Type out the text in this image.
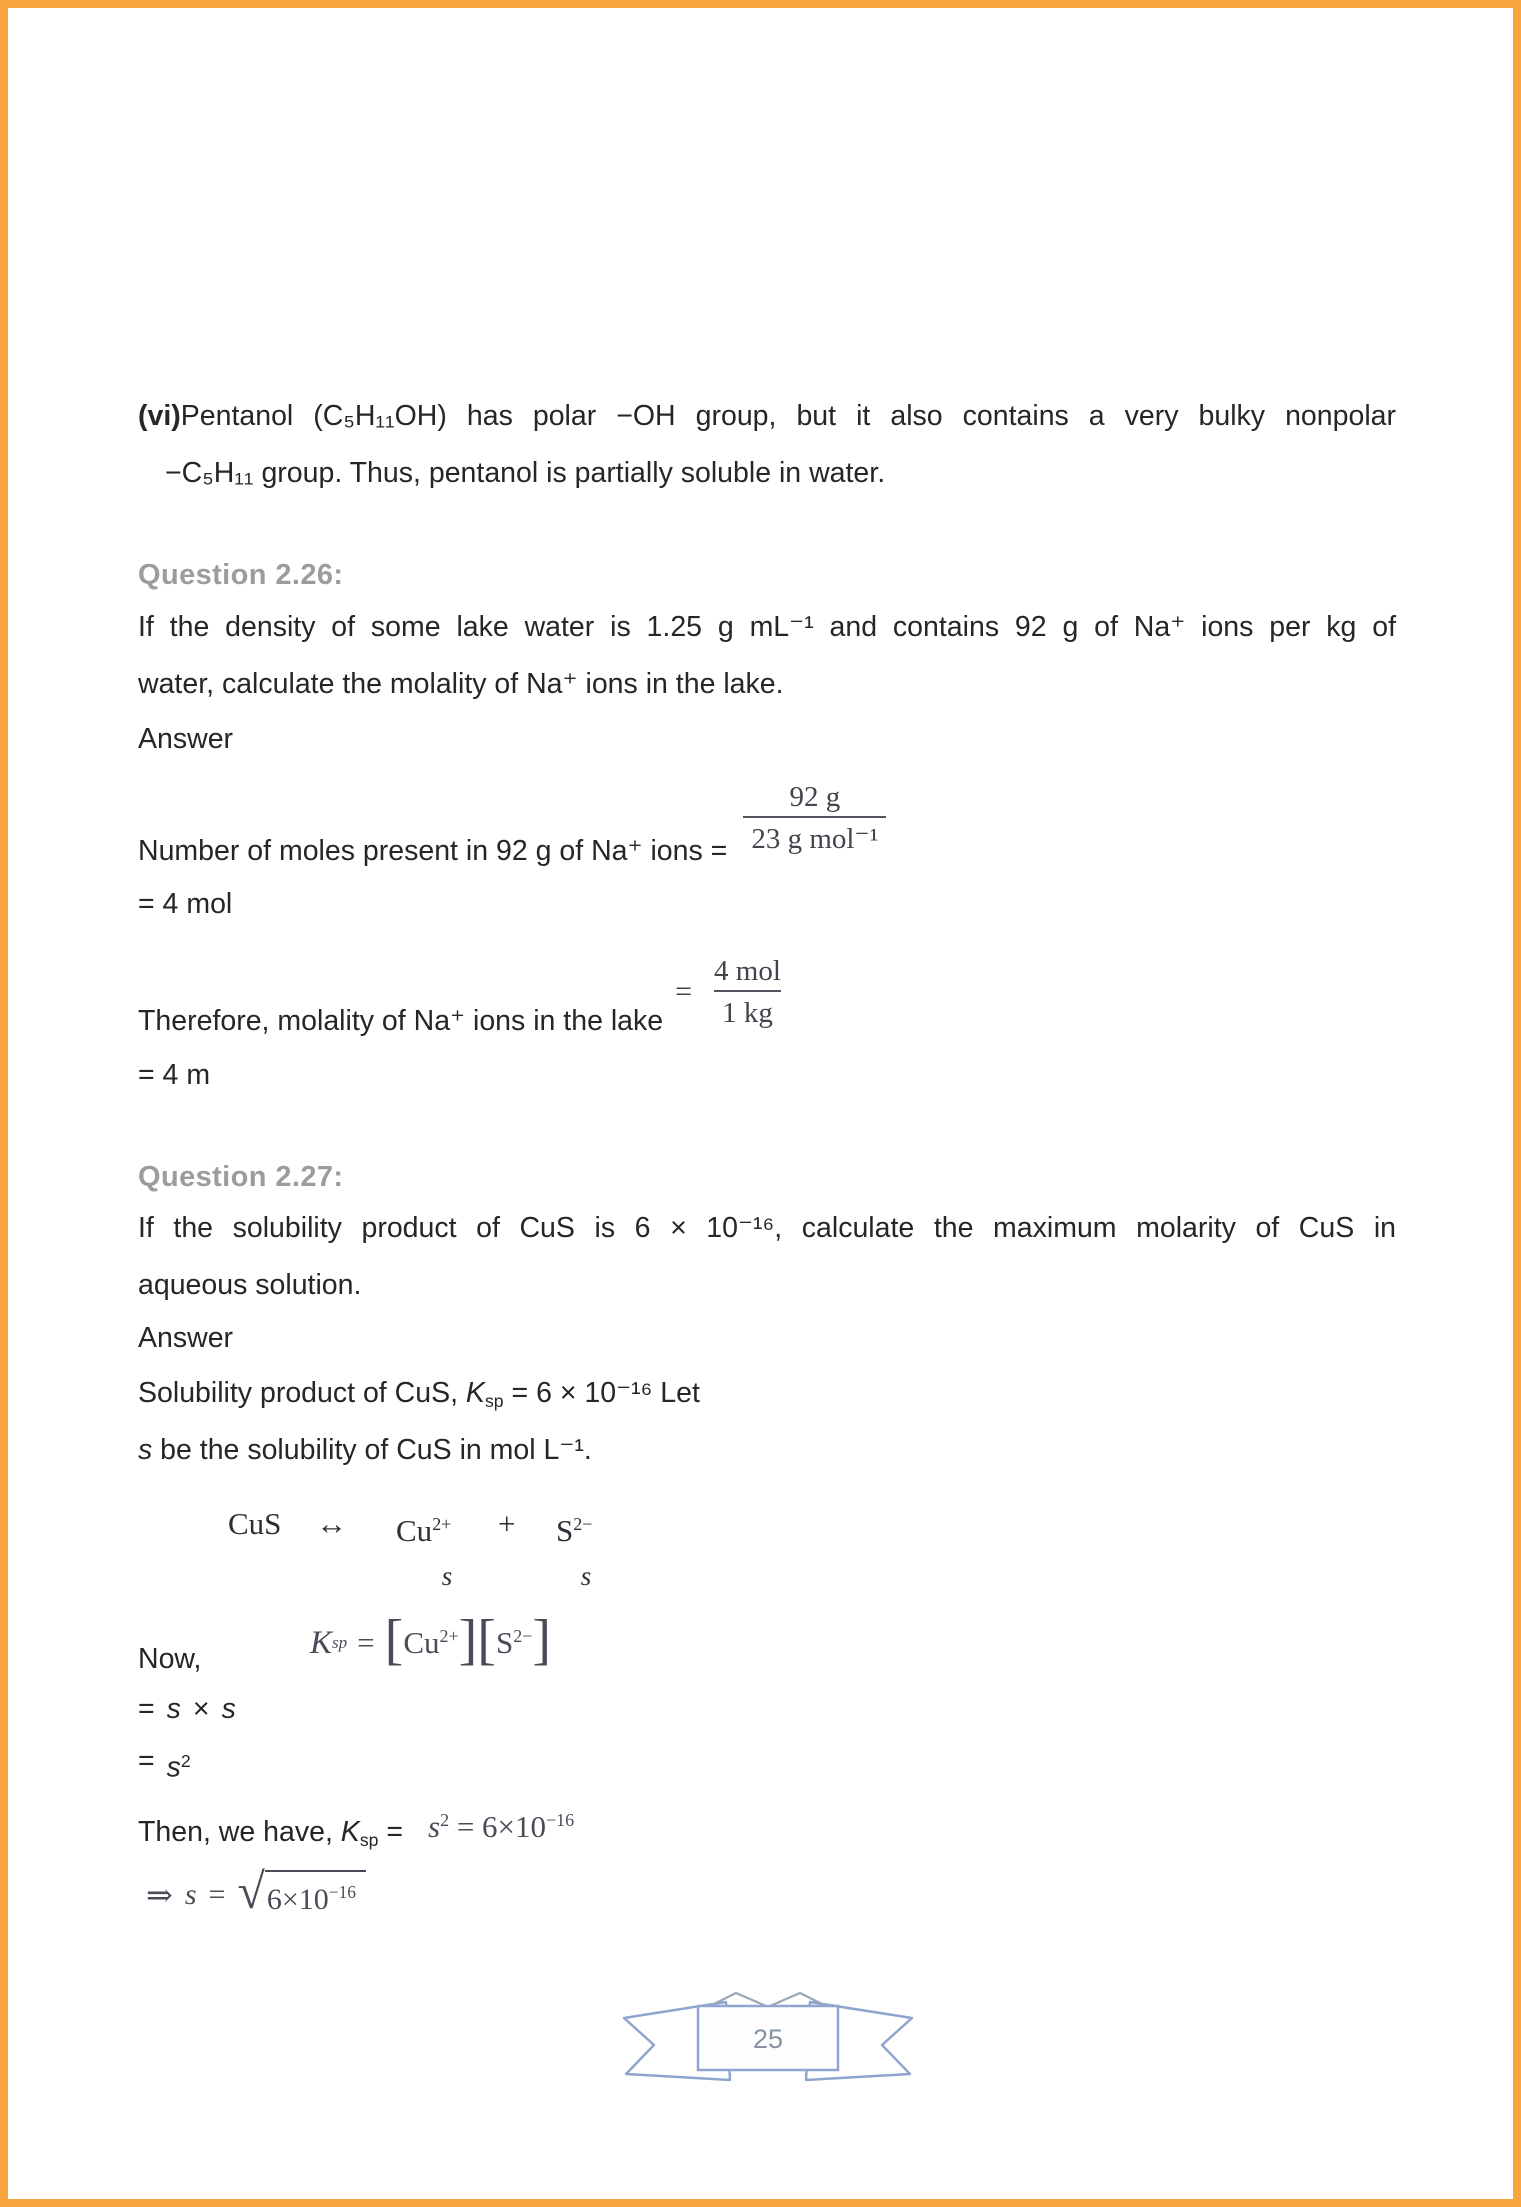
(vi)Pentanol (C₅H₁₁OH) has polar −OH group, but it also contains a very bulky nonpolar
−C₅H₁₁ group. Thus, pentanol is partially soluble in water.
Question 2.26:
If the density of some lake water is 1.25 g mL⁻¹ and contains 92 g of Na⁺ ions per kg of
water, calculate the molality of Na⁺ ions in the lake.
Answer
Number of moles present in 92 g of Na⁺ ions = $\frac{92 g}{\text{23 g mol⁻¹}}$
= 4 mol
Therefore, molality of Na⁺ ions in the lake
= $\frac{\text{4 mol}}{1 kg}$
= 4 m
Question 2.27:
If the solubility product of CuS is 6 × 10⁻¹⁶, calculate the maximum molarity of CuS in
aqueous solution.
Answer
Solubility product of CuS, Ksp = 6 × 10⁻¹⁶ Let
s be the solubility of CuS in mol L⁻¹.
CuS	↔	Cu2+	+	S2−
s	s
Now,	K sp = [ $Cu^{2+}$ ] [ $S^{2-}$ ]
= s × s
= $s^2$
Then, we have, Ksp = $s^2 = 6\times 10^{-16}$
⇒ s = √ $6\times 10^{-16}$
25
